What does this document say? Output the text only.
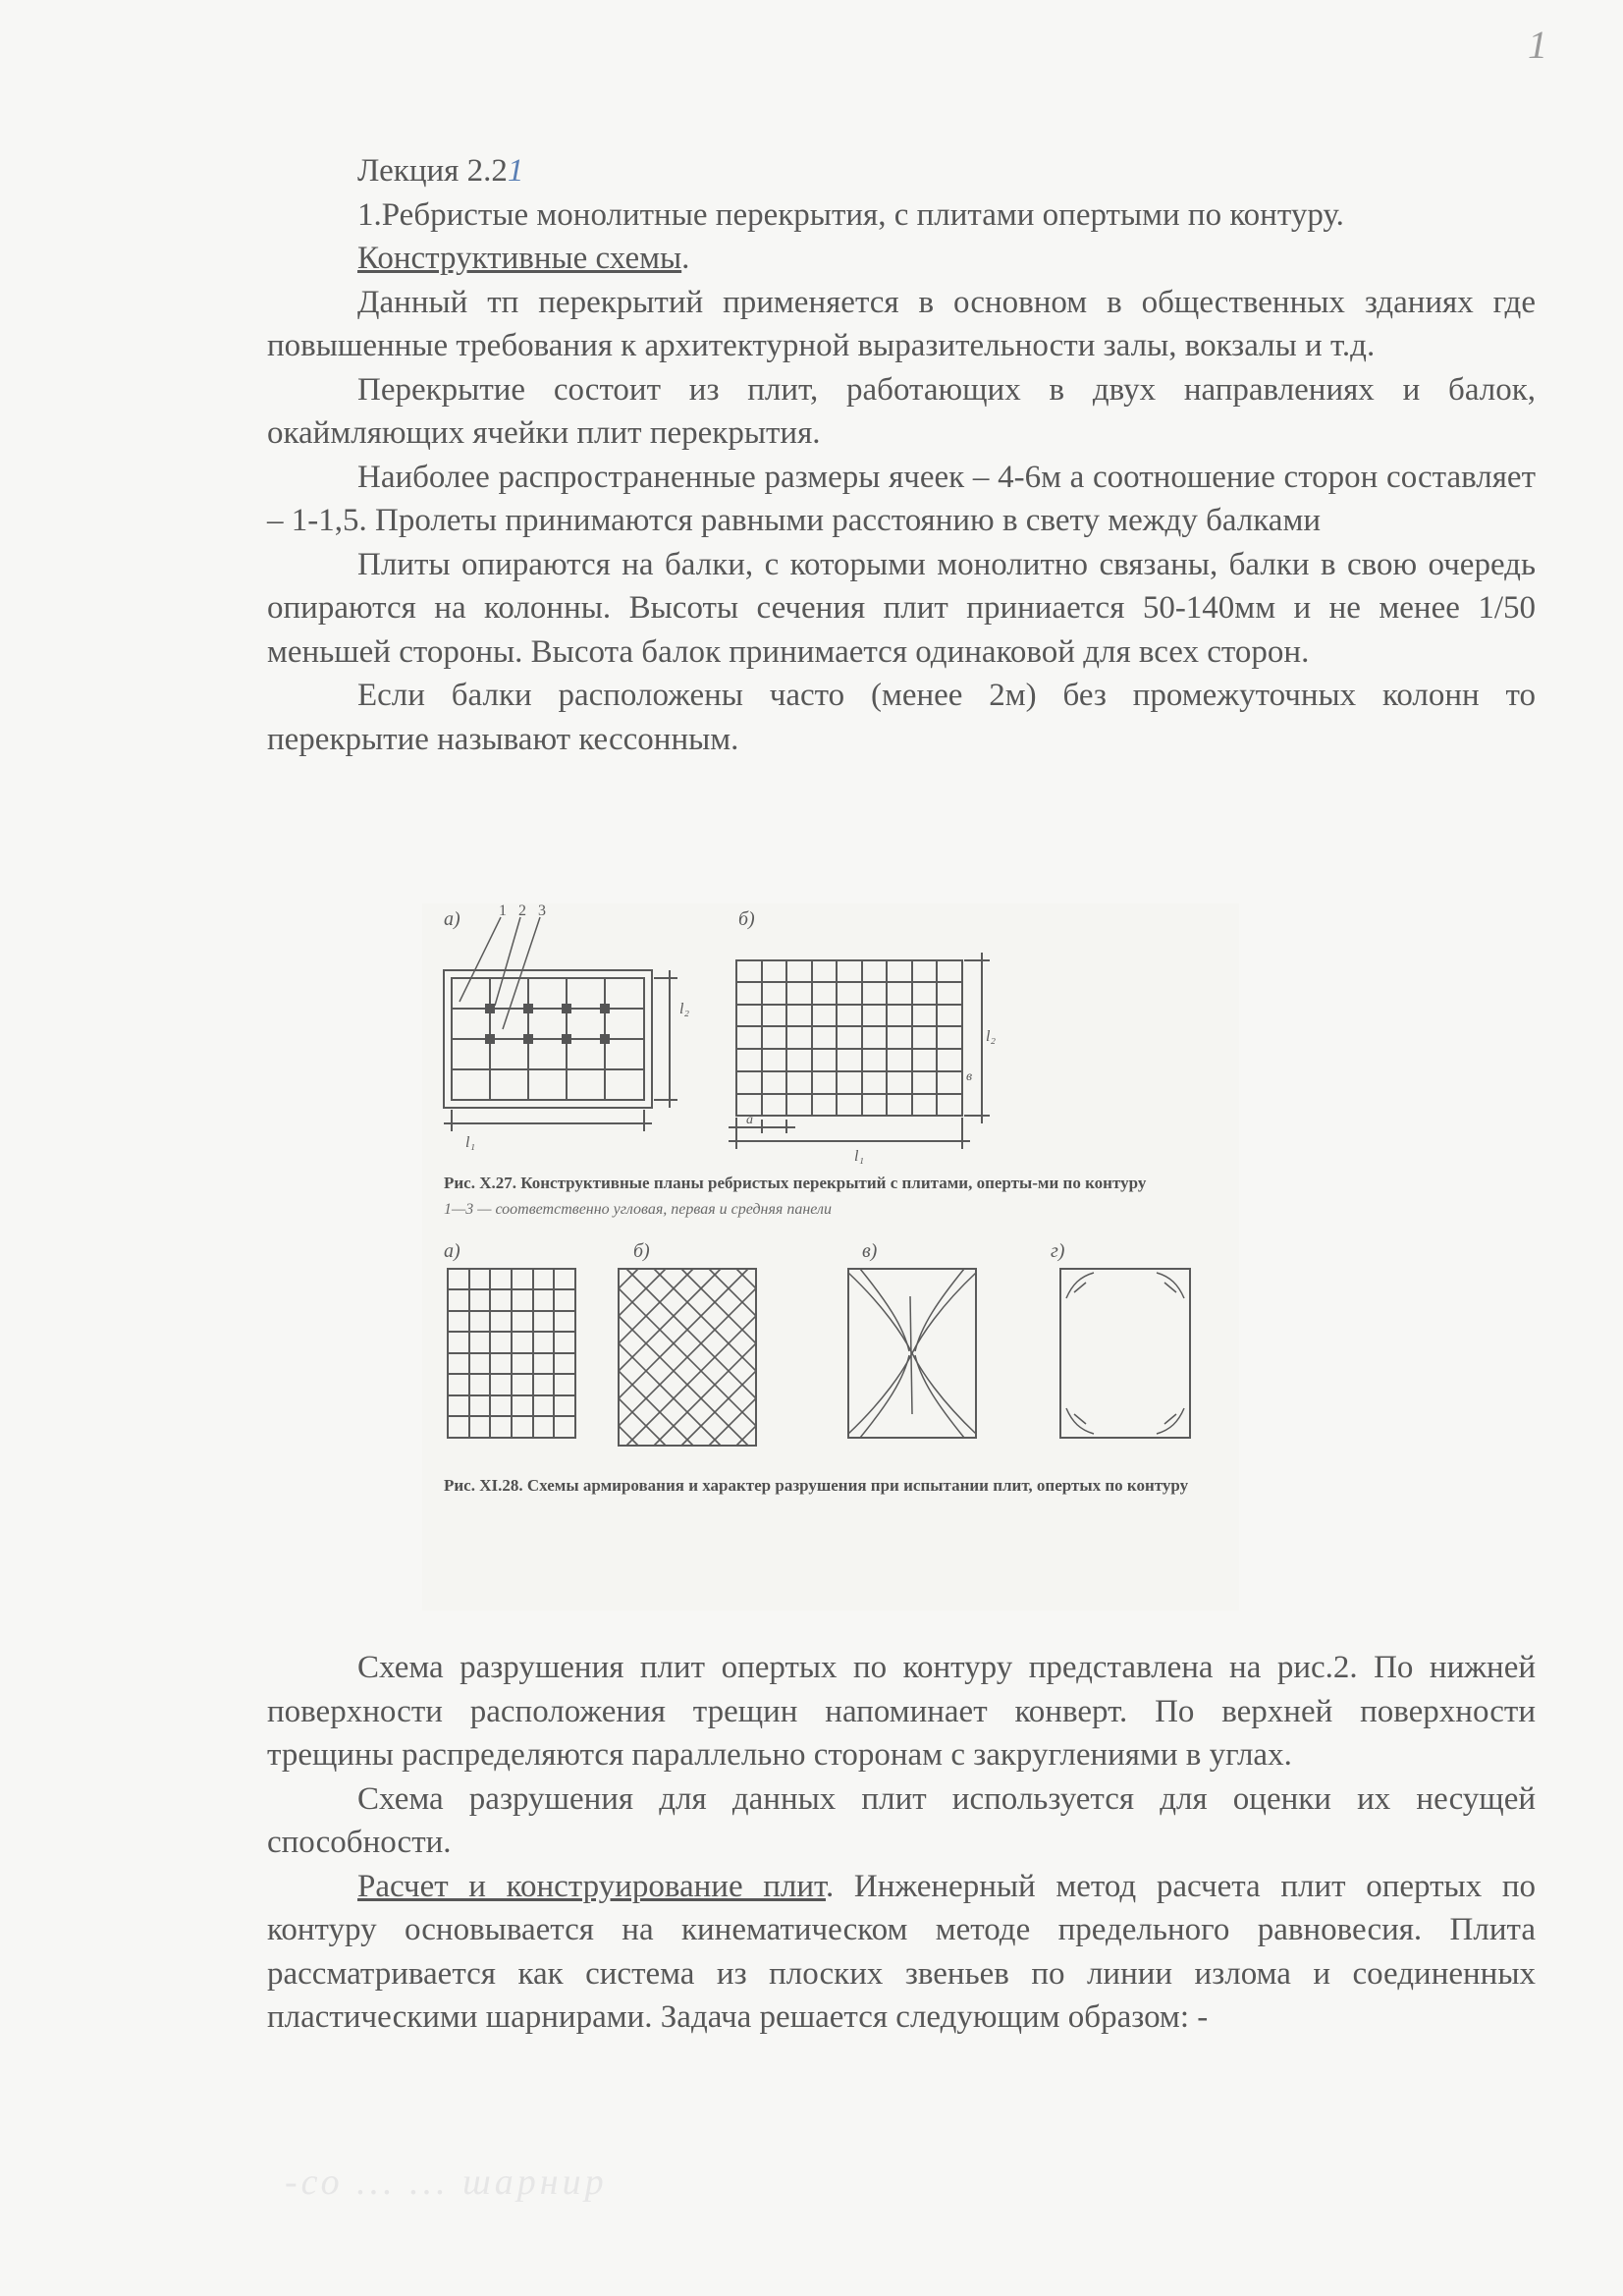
1

Лекция 2.21

1.Ребристые монолитные перекрытия, с плитами опертыми по контуру.

Конструктивные схемы.

Данный тп перекрытий применяется в основном в общественных зданиях где повышенные требования к архитектурной выразительности залы, вокзалы и т.д.

Перекрытие состоит из плит, работающих в двух направлениях и балок, окаймляющих ячейки плит перекрытия.

Наиболее распространенные размеры ячеек – 4-6м а соотношение сторон составляет – 1-1,5. Пролеты принимаются равными расстоянию в свету между балками

Плиты опираются на балки, с которыми монолитно связаны, балки в свою очередь опираются на колонны. Высоты сечения плит приниается 50-140мм и не менее 1/50 меньшей стороны. Высота балок принимается одинаковой для всех сторон.

Если балки расположены часто (менее 2м) без промежуточных колонн то перекрытие называют кессонным.

а) 1 2 3
l₁
l₂
б)
l₂
l₁
а
в
Рис. X.27. Конструктивные планы ребристых перекрытий с плитами, оперты-ми по контуру
1—3 — соответственно угловая, первая и средняя панели
а)	б)	в)	г)
Рис. XI.28. Схемы армирования и характер разрушения при испытании плит, опертых по контуру

Схема разрушения плит опертых по контуру представлена на рис.2. По нижней поверхности расположения трещин напоминает конверт. По верхней поверхности трещины распределяются параллельно сторонам с закруглениями в углах.

Схема разрушения для данных плит используется для оценки их несущей способности.

Расчет и конструирование плит. Инженерный метод расчета плит опертых по контуру основывается на кинематическом методе предельного равновесия. Плита рассматривается как система из плоских звеньев по линии излома и соединенных пластическими шарнирами. Задача решается следующим образом: -

-со ... ... шарнир
